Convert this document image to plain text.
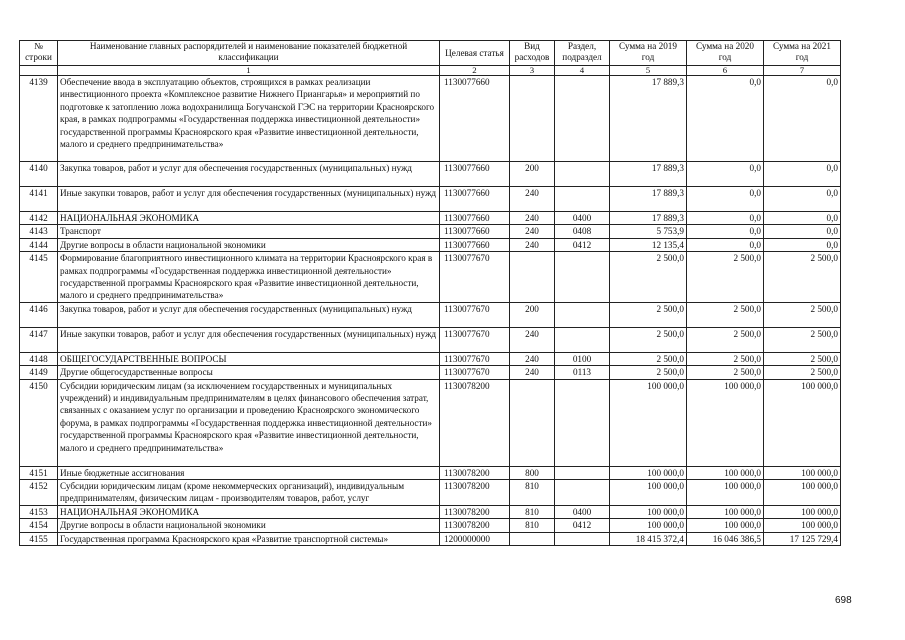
№ строки	Наименование главных распорядителей и наименование показателей бюджетной классификации	Целевая статья	Вид расходов	Раздел, подраздел	Сумма на 2019 год	Сумма на 2020 год	Сумма на 2021 год
	1	2	3	4	5	6	7
4139	Обеспечение ввода в эксплуатацию объектов, строящихся в рамках реализации инвестиционного проекта «Комплексное развитие Нижнего Приангарья» и мероприятий по подготовке к затоплению ложа водохранилища Богучанской ГЭС на территории Красноярского края, в рамках подпрограммы «Государственная поддержка инвестиционной деятельности» государственной программы Красноярского края «Развитие инвестиционной деятельности, малого и среднего предпринимательства»	1130077660			17 889,3	0,0	0,0
4140	Закупка товаров, работ и услуг для обеспечения государственных (муниципальных) нужд	1130077660	200		17 889,3	0,0	0,0
4141	Иные закупки товаров, работ и услуг для обеспечения государственных (муниципальных) нужд	1130077660	240		17 889,3	0,0	0,0
4142	НАЦИОНАЛЬНАЯ ЭКОНОМИКА	1130077660	240	0400	17 889,3	0,0	0,0
4143	Транспорт	1130077660	240	0408	5 753,9	0,0	0,0
4144	Другие вопросы в области национальной экономики	1130077660	240	0412	12 135,4	0,0	0,0
4145	Формирование благоприятного инвестиционного климата на территории Красноярского края в рамках подпрограммы «Государственная поддержка инвестиционной деятельности» государственной программы Красноярского края «Развитие инвестиционной деятельности, малого и среднего предпринимательства»	1130077670			2 500,0	2 500,0	2 500,0
4146	Закупка товаров, работ и услуг для обеспечения государственных (муниципальных) нужд	1130077670	200		2 500,0	2 500,0	2 500,0
4147	Иные закупки товаров, работ и услуг для обеспечения государственных (муниципальных) нужд	1130077670	240		2 500,0	2 500,0	2 500,0
4148	ОБЩЕГОСУДАРСТВЕННЫЕ ВОПРОСЫ	1130077670	240	0100	2 500,0	2 500,0	2 500,0
4149	Другие общегосударственные вопросы	1130077670	240	0113	2 500,0	2 500,0	2 500,0
4150	Субсидии юридическим лицам (за исключением государственных и муниципальных учреждений) и индивидуальным предпринимателям в целях финансового обеспечения затрат, связанных с оказанием услуг по организации и проведению Красноярского экономического форума, в рамках подпрограммы «Государственная поддержка инвестиционной деятельности» государственной программы Красноярского края «Развитие инвестиционной деятельности, малого и среднего предпринимательства»	1130078200			100 000,0	100 000,0	100 000,0
4151	Иные бюджетные ассигнования	1130078200	800		100 000,0	100 000,0	100 000,0
4152	Субсидии юридическим лицам (кроме некоммерческих организаций), индивидуальным предпринимателям, физическим лицам - производителям товаров, работ, услуг	1130078200	810		100 000,0	100 000,0	100 000,0
4153	НАЦИОНАЛЬНАЯ ЭКОНОМИКА	1130078200	810	0400	100 000,0	100 000,0	100 000,0
4154	Другие вопросы в области национальной экономики	1130078200	810	0412	100 000,0	100 000,0	100 000,0
4155	Государственная программа Красноярского края «Развитие транспортной системы»	1200000000			18 415 372,4	16 046 386,5	17 125 729,4
698
